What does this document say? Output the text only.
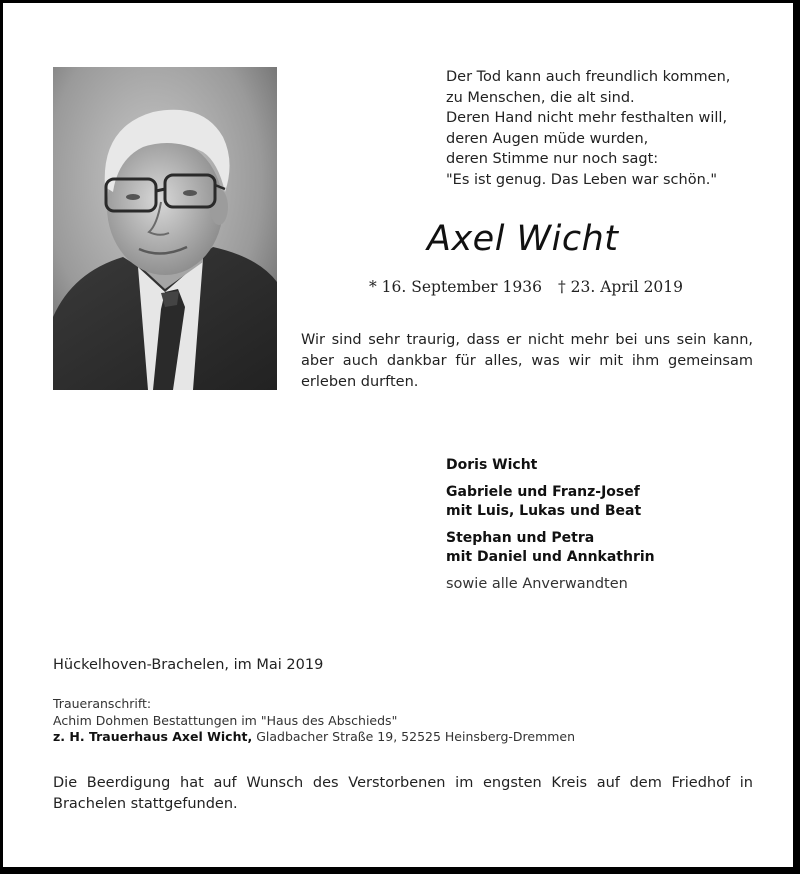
Der Tod kann auch freundlich kommen,
zu Menschen, die alt sind.
Deren Hand nicht mehr festhalten will,
deren Augen müde wurden,
deren Stimme nur noch sagt:
"Es ist genug. Das Leben war schön."
Axel Wicht
* 16. September 1936 † 23. April 2019
Wir sind sehr traurig, dass er nicht mehr bei uns sein kann, aber auch dankbar für alles, was wir mit ihm gemeinsam erleben durften.
Doris Wicht
Gabriele und Franz-Josef
mit Luis, Lukas und Beat
Stephan und Petra
mit Daniel und Annkathrin
sowie alle Anverwandten
Hückelhoven-Brachelen, im Mai 2019
Traueranschrift:
Achim Dohmen Bestattungen im "Haus des Abschieds"
z. H. Trauerhaus Axel Wicht, Gladbacher Straße 19, 52525 Heinsberg-Dremmen
Die Beerdigung hat auf Wunsch des Verstorbenen im engsten Kreis auf dem Friedhof in Brachelen stattgefunden.
